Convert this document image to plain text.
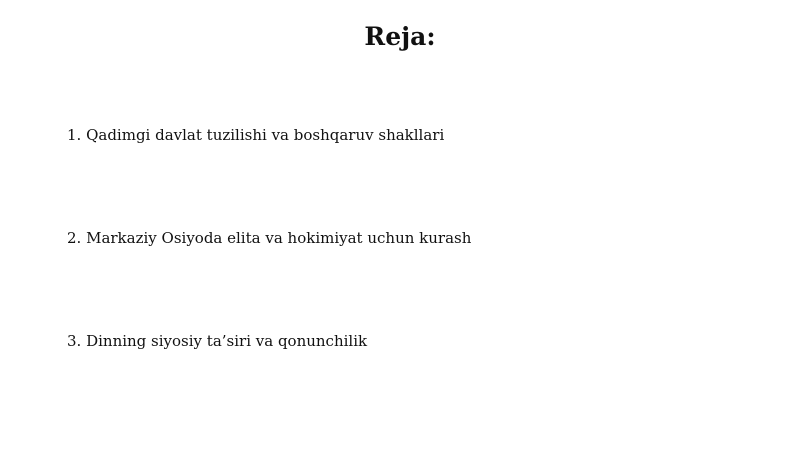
Reja:
1. Qadimgi davlat tuzilishi va boshqaruv shakllari
2. Markaziy Osiyoda elita va hokimiyat uchun kurash
3. Dinning siyosiy ta’siri va qonunchilik
